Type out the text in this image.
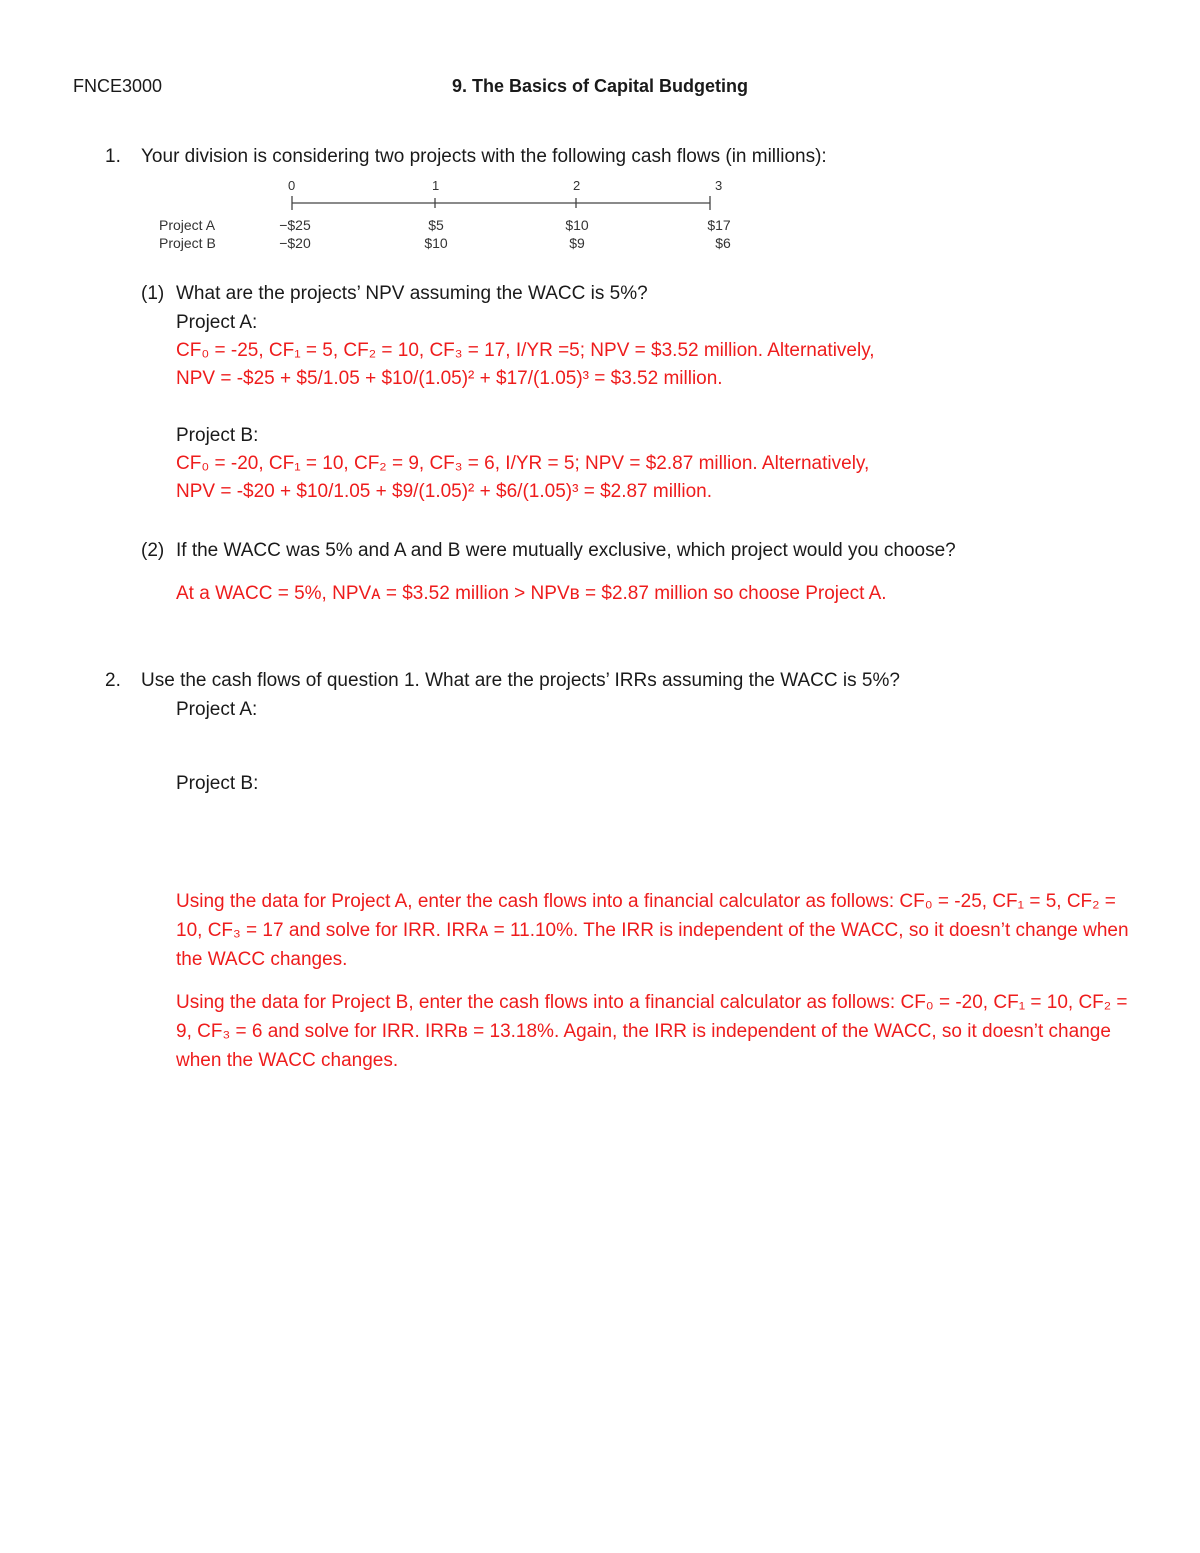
FNCE3000	9. The Basics of Capital Budgeting
1. Your division is considering two projects with the following cash flows (in millions):
0	1	2	3
Project A	−$25	$5	$10	$17
Project B	−$20	$10	$9	$6
(1) What are the projects’ NPV assuming the WACC is 5%?
Project A:
CF₀ = -25, CF₁ = 5, CF₂ = 10, CF₃ = 17, I/YR =5; NPV = $3.52 million. Alternatively,
NPV = -$25 + $5/1.05 + $10/(1.05)² + $17/(1.05)³ = $3.52 million.
Project B:
CF₀ = -20, CF₁ = 10, CF₂ = 9, CF₃ = 6, I/YR = 5; NPV = $2.87 million. Alternatively,
NPV = -$20 + $10/1.05 + $9/(1.05)² + $6/(1.05)³ = $2.87 million.
(2) If the WACC was 5% and A and B were mutually exclusive, which project would you choose?
At a WACC = 5%, NPVᴀ = $3.52 million > NPVʙ = $2.87 million so choose Project A.
2. Use the cash flows of question 1. What are the projects’ IRRs assuming the WACC is 5%?
Project A:
Project B:
Using the data for Project A, enter the cash flows into a financial calculator as follows: CF₀ = -25, CF₁ = 5, CF₂ = 10, CF₃ = 17 and solve for IRR. IRRᴀ = 11.10%. The IRR is independent of the WACC, so it doesn’t change when the WACC changes.
Using the data for Project B, enter the cash flows into a financial calculator as follows: CF₀ = -20, CF₁ = 10, CF₂ = 9, CF₃ = 6 and solve for IRR. IRRʙ = 13.18%. Again, the IRR is independent of the WACC, so it doesn’t change when the WACC changes.
